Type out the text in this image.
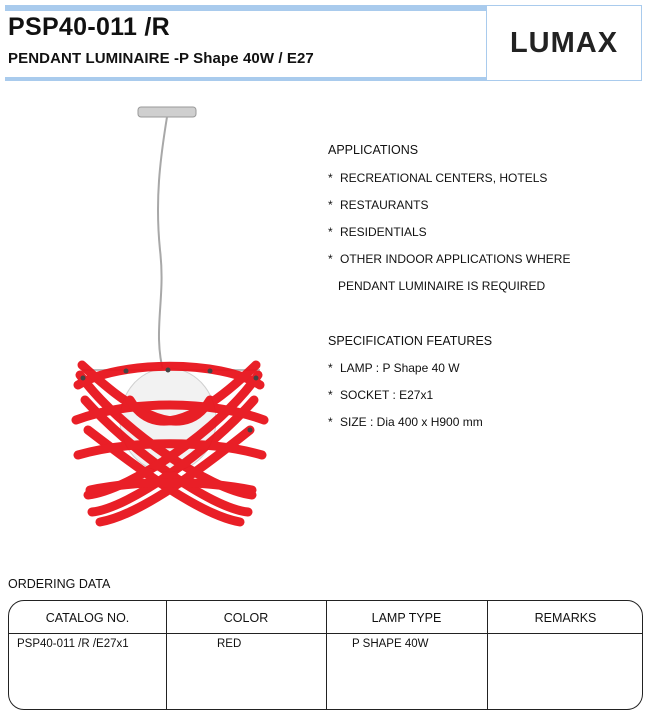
PSP40-011 /R
PENDANT LUMINAIRE -P Shape 40W / E27	LUMAX
APPLICATIONS
* RECREATIONAL CENTERS, HOTELS
* RESTAURANTS
* RESIDENTIALS
* OTHER INDOOR APPLICATIONS WHERE
PENDANT LUMINAIRE IS REQUIRED
SPECIFICATION FEATURES
* LAMP : P Shape 40 W
* SOCKET : E27x1
* SIZE : Dia 400 x H900 mm
ORDERING DATA
CATALOG NO.	COLOR	LAMP TYPE	REMARKS
PSP40-011 /R /E27x1	RED	P SHAPE 40W
